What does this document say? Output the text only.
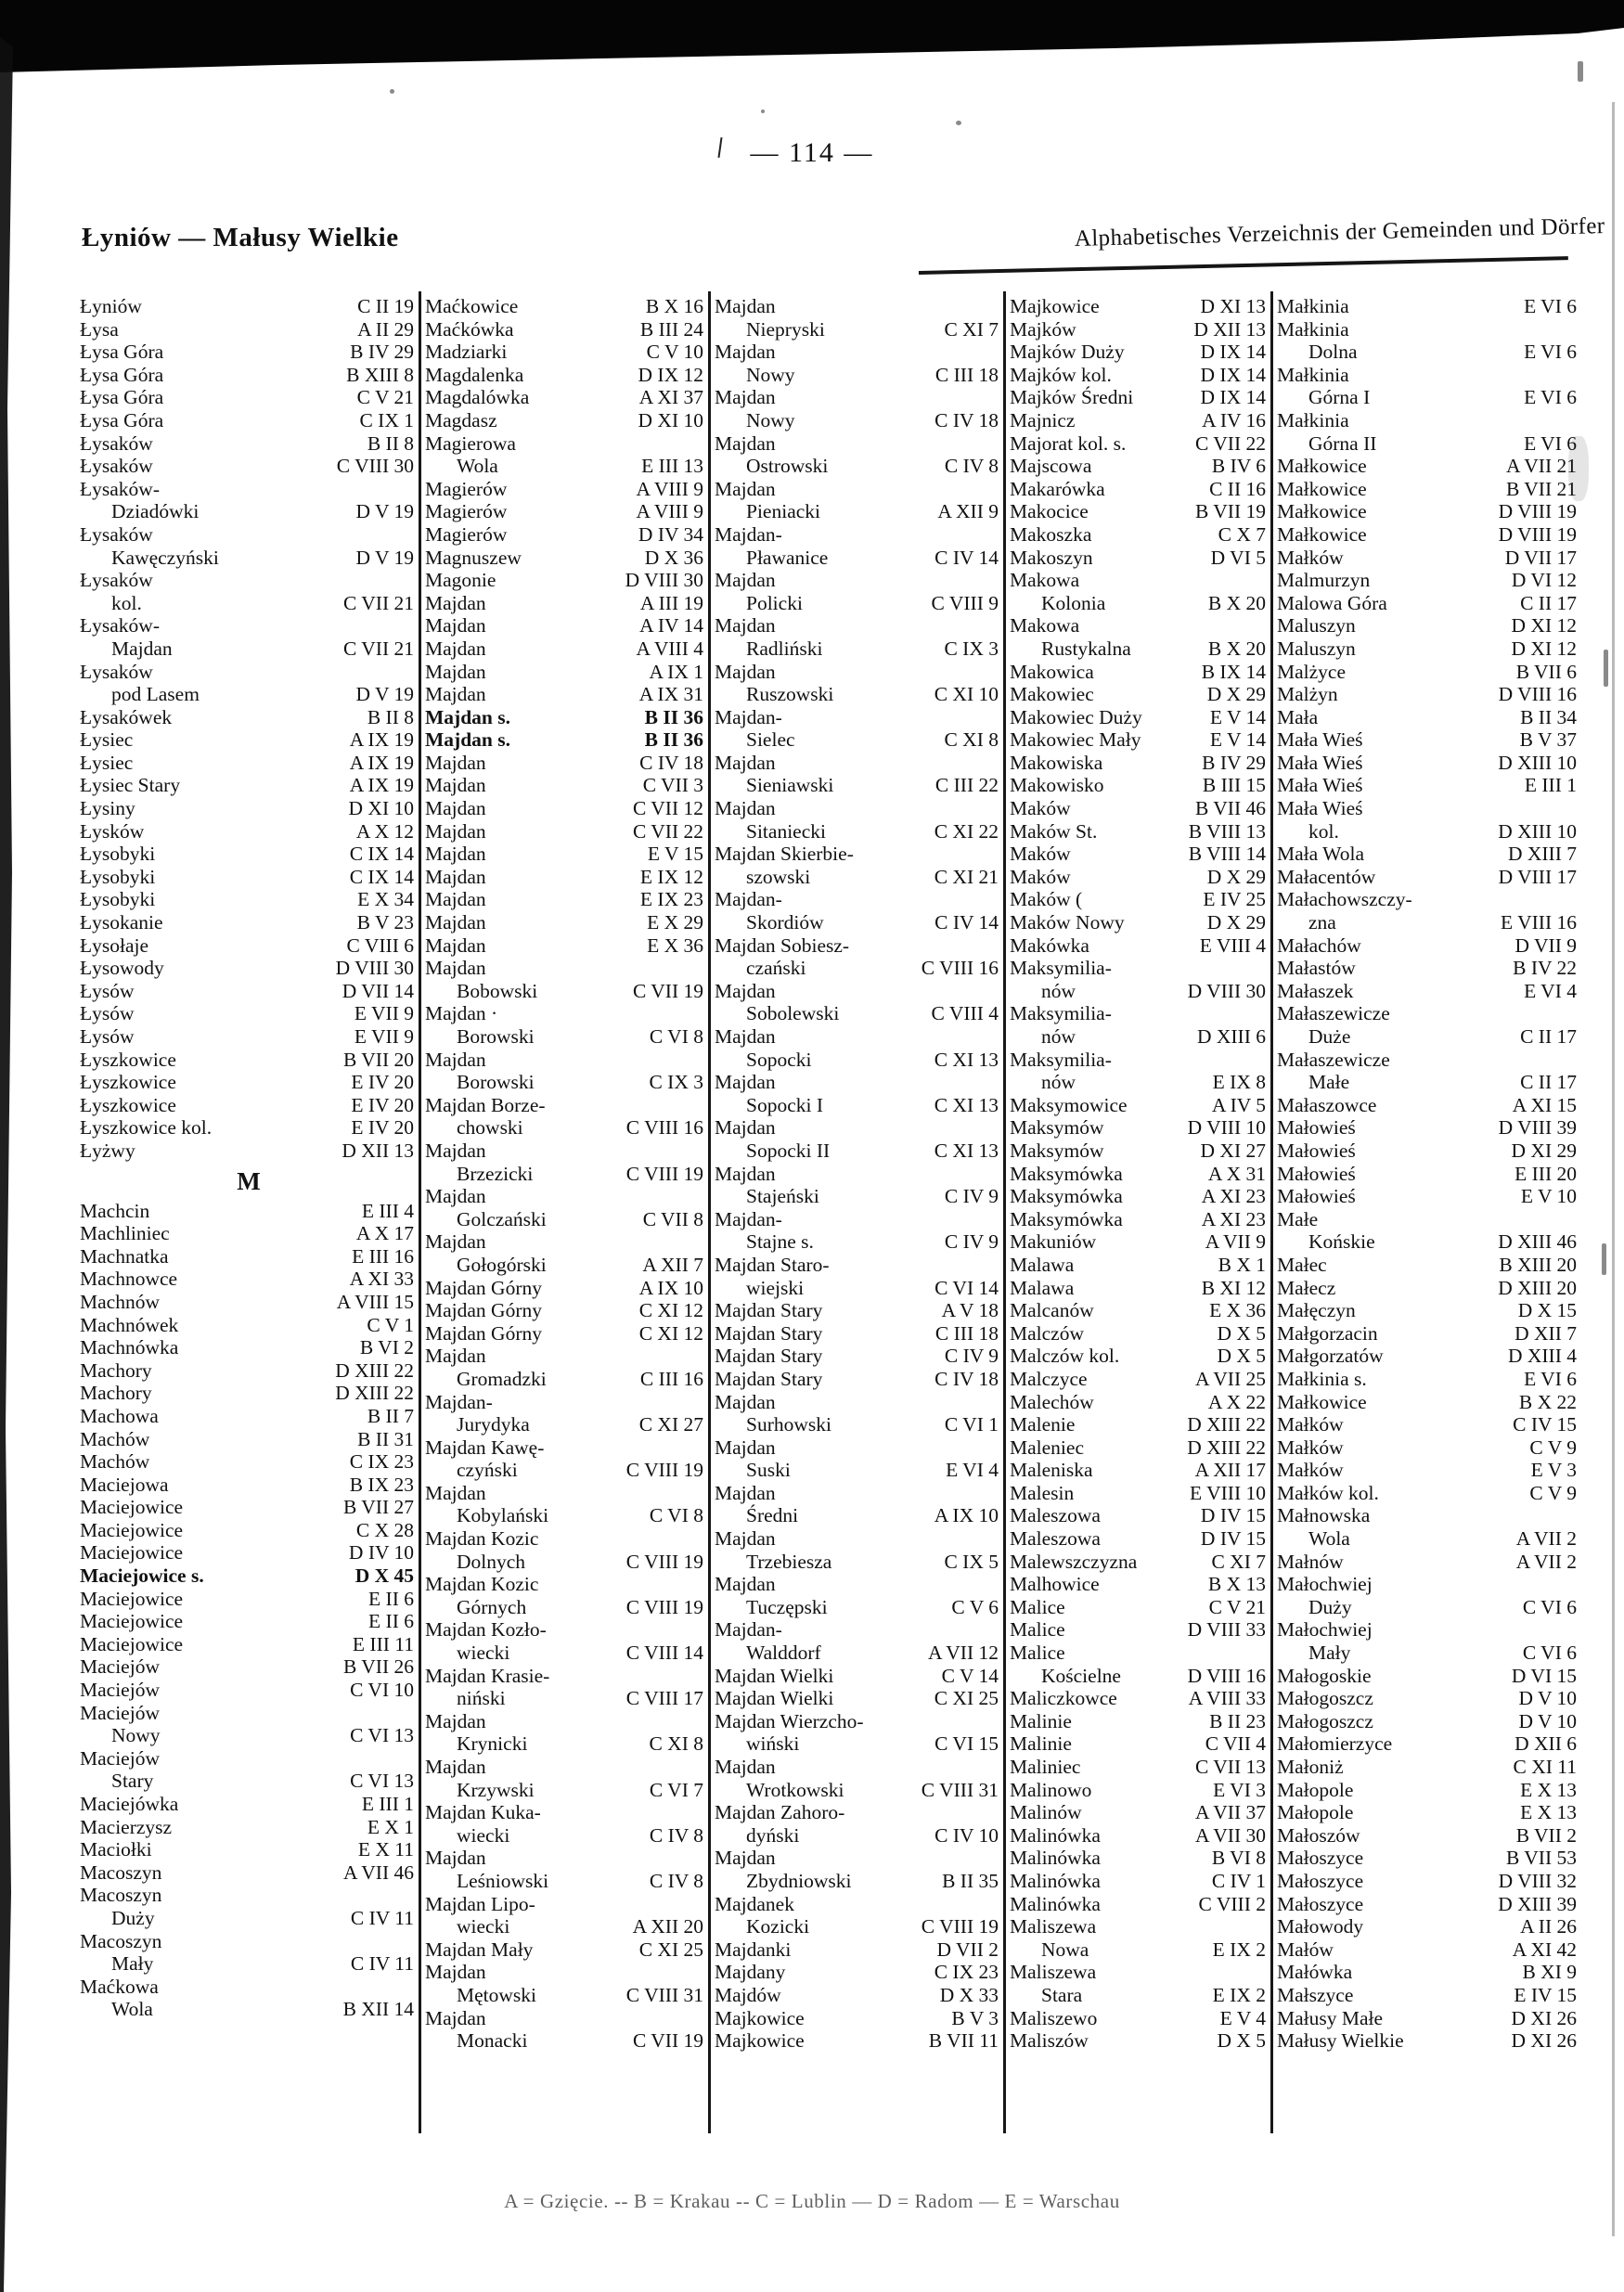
— 114 —
Łyniów — Małusy Wielkie	Alphabetisches Verzeichnis der Gemeinden und Dörfer
Łyniów	C II 19
Łysa	A II 29
Łysa Góra	B IV 29
Łysa Góra	B XIII 8
Łysa Góra	C V 21
Łysa Góra	C IX 1
Łysaków	B II 8
Łysaków	C VIII 30
Łysaków-
Dziadówki	D V 19
Łysaków
Kawęczyński	D V 19
Łysaków
kol.	C VII 21
Łysaków-
Majdan	C VII 21
Łysaków
pod Lasem	D V 19
Łysakówek	B II 8
Łysiec	A IX 19
Łysiec	A IX 19
Łysiec Stary	A IX 19
Łysiny	D XI 10
Łysków	A X 12
Łysobyki	C IX 14
Łysobyki	C IX 14
Łysobyki	E X 34
Łysokanie	B V 23
Łysołaje	C VIII 6
Łysowody	D VIII 30
Łysów	D VII 14
Łysów	E VII 9
Łysów	E VII 9
Łyszkowice	B VII 20
Łyszkowice	E IV 20
Łyszkowice	E IV 20
Łyszkowice kol.	E IV 20
Łyżwy	D XII 13
M
Machcin	E III 4
Machliniec	A X 17
Machnatka	E III 16
Machnowce	A XI 33
Machnów	A VIII 15
Machnówek	C V 1
Machnówka	B VI 2
Machory	D XIII 22
Machory	D XIII 22
Machowa	B II 7
Machów	B II 31
Machów	C IX 23
Maciejowa	B IX 23
Maciejowice	B VII 27
Maciejowice	C X 28
Maciejowice	D IV 10
Maciejowice s.	D X 45
Maciejowice	E II 6
Maciejowice	E II 6
Maciejowice	E III 11
Maciejów	B VII 26
Maciejów	C VI 10
Maciejów
Nowy	C VI 13
Maciejów
Stary	C VI 13
Maciejówka	E III 1
Macierzysz	E X 1
Maciołki	E X 11
Macoszyn	A VII 46
Macoszyn
Duży	C IV 11
Macoszyn
Mały	C IV 11
Maćkowa
Wola	B XII 14
Maćkowice	B X 16
Maćkówka	B III 24
Madziarki	C V 10
Magdalenka	D IX 12
Magdalówka	A XI 37
Magdasz	D XI 10
Magierowa
Wola	E III 13
Magierów	A VIII 9
Magierów	A VIII 9
Magierów	D IV 34
Magnuszew	D X 36
Magonie	D VIII 30
Majdan	A III 19
Majdan	A IV 14
Majdan	A VIII 4
Majdan	A IX 1
Majdan	A IX 31
Majdan s.	B II 36
Majdan s.	B II 36
Majdan	C IV 18
Majdan	C VII 3
Majdan	C VII 12
Majdan	C VII 22
Majdan	E V 15
Majdan	E IX 12
Majdan	E IX 23
Majdan	E X 29
Majdan	E X 36
Majdan
Bobowski	C VII 19
Majdan ·
Borowski	C VI 8
Majdan
Borowski	C IX 3
Majdan Borze-
chowski	C VIII 16
Majdan
Brzezicki	C VIII 19
Majdan
Golczański	C VII 8
Majdan
Gołogórski	A XII 7
Majdan Górny	A IX 10
Majdan Górny	C XI 12
Majdan Górny	C XI 12
Majdan
Gromadzki	C III 16
Majdan-
Jurydyka	C XI 27
Majdan Kawę-
czyński	C VIII 19
Majdan
Kobylański	C VI 8
Majdan Kozic
Dolnych	C VIII 19
Majdan Kozic
Górnych	C VIII 19
Majdan Kozło-
wiecki	C VIII 14
Majdan Krasie-
niński	C VIII 17
Majdan
Krynicki	C XI 8
Majdan
Krzywski	C VI 7
Majdan Kuka-
wiecki	C IV 8
Majdan
Leśniowski	C IV 8
Majdan Lipo-
wiecki	A XII 20
Majdan Mały	C XI 25
Majdan
Mętowski	C VIII 31
Majdan
Monacki	C VII 19
Majdan
Niepryski	C XI 7
Majdan
Nowy	C III 18
Majdan
Nowy	C IV 18
Majdan
Ostrowski	C IV 8
Majdan
Pieniacki	A XII 9
Majdan-
Pławanice	C IV 14
Majdan
Policki	C VIII 9
Majdan
Radliński	C IX 3
Majdan
Ruszowski	C XI 10
Majdan-
Sielec	C XI 8
Majdan
Sieniawski	C III 22
Majdan
Sitaniecki	C XI 22
Majdan Skierbie-
szowski	C XI 21
Majdan-
Skordiów	C IV 14
Majdan Sobiesz-
czański	C VIII 16
Majdan
Sobolewski	C VIII 4
Majdan
Sopocki	C XI 13
Majdan
Sopocki I	C XI 13
Majdan
Sopocki II	C XI 13
Majdan
Stajeński	C IV 9
Majdan-
Stajne s.	C IV 9
Majdan Staro-
wiejski	C VI 14
Majdan Stary	A V 18
Majdan Stary	C III 18
Majdan Stary	C IV 9
Majdan Stary	C IV 18
Majdan
Surhowski	C VI 1
Majdan
Suski	E VI 4
Majdan
Średni	A IX 10
Majdan
Trzebiesza	C IX 5
Majdan
Tuczępski	C V 6
Majdan-
Walddorf	A VII 12
Majdan Wielki	C V 14
Majdan Wielki	C XI 25
Majdan Wierzcho-
wiński	C VI 15
Majdan
Wrotkowski	C VIII 31
Majdan Zahoro-
dyński	C IV 10
Majdan
Zbydniowski	B II 35
Majdanek
Kozicki	C VIII 19
Majdanki	D VII 2
Majdany	C IX 23
Majdów	D X 33
Majkowice	B V 3
Majkowice	B VII 11
Majkowice	D XI 13
Majków	D XII 13
Majków Duży	D IX 14
Majków kol.	D IX 14
Majków Średni	D IX 14
Majnicz	A IV 16
Majorat kol. s.	C VII 22
Majscowa	B IV 6
Makarówka	C II 16
Makocice	B VII 19
Makoszka	C X 7
Makoszyn	D VI 5
Makowa
Kolonia	B X 20
Makowa
Rustykalna	B X 20
Makowica	B IX 14
Makowiec	D X 29
Makowiec Duży	E V 14
Makowiec Mały	E V 14
Makowiska	B IV 29
Makowisko	B III 15
Maków	B VII 46
Maków St.	B VIII 13
Maków	B VIII 14
Maków	D X 29
Maków (	E IV 25
Maków Nowy	D X 29
Makówka	E VIII 4
Maksymilia-
nów	D VIII 30
Maksymilia-
nów	D XIII 6
Maksymilia-
nów	E IX 8
Maksymowice	A IV 5
Maksymów	D VIII 10
Maksymów	D XI 27
Maksymówka	A X 31
Maksymówka	A XI 23
Maksymówka	A XI 23
Makuniów	A VII 9
Malawa	B X 1
Malawa	B XI 12
Malcanów	E X 36
Malczów	D X 5
Malczów kol.	D X 5
Malczyce	A VII 25
Malechów	A X 22
Malenie	D XIII 22
Maleniec	D XIII 22
Maleniska	A XII 17
Malesin	E VIII 10
Maleszowa	D IV 15
Maleszowa	D IV 15
Malewszczyzna	C XI 7
Malhowice	B X 13
Malice	C V 21
Malice	D VIII 33
Malice
Kościelne	D VIII 16
Maliczkowce	A VIII 33
Malinie	B II 23
Malinie	C VII 4
Maliniec	C VII 13
Malinowo	E VI 3
Malinów	A VII 37
Malinówka	A VII 30
Malinówka	B VI 8
Malinówka	C IV 1
Malinówka	C VIII 2
Maliszewa
Nowa	E IX 2
Maliszewa
Stara	E IX 2
Maliszewo	E V 4
Maliszów	D X 5
Małkinia	E VI 6
Małkinia
Dolna	E VI 6
Małkinia
Górna I	E VI 6
Małkinia
Górna II	E VI 6
Małkowice	A VII 21
Małkowice	B VII 21
Małkowice	D VIII 19
Małkowice	D VIII 19
Małków	D VII 17
Malmurzyn	D VI 12
Malowa Góra	C II 17
Maluszyn	D XI 12
Maluszyn	D XI 12
Malżyce	B VII 6
Malżyn	D VIII 16
Mała	B II 34
Mała Wieś	B V 37
Mała Wieś	D XIII 10
Mała Wieś	E III 1
Mała Wieś
kol.	D XIII 10
Mała Wola	D XIII 7
Małacentów	D VIII 17
Małachowszczy-
zna	E VIII 16
Małachów	D VII 9
Małastów	B IV 22
Małaszek	E VI 4
Małaszewicze
Duże	C II 17
Małaszewicze
Małe	C II 17
Małaszowce	A XI 15
Małowieś	D VIII 39
Małowieś	D XI 29
Małowieś	E III 20
Małowieś	E V 10
Małe
Końskie	D XIII 46
Małec	B XIII 20
Małecz	D XIII 20
Małęczyn	D X 15
Małgorzacin	D XII 7
Małgorzatów	D XIII 4
Małkinia s.	E VI 6
Małkowice	B X 22
Małków	C IV 15
Małków	C V 9
Małków	E V 3
Małków kol.	C V 9
Małnowska
Wola	A VII 2
Małnów	A VII 2
Małochwiej
Duży	C VI 6
Małochwiej
Mały	C VI 6
Małogoskie	D VI 15
Małogoszcz	D V 10
Małogoszcz	D V 10
Małomierzyce	D XII 6
Małoniż	C XI 11
Małopole	E X 13
Małopole	E X 13
Małoszów	B VII 2
Małoszyce	B VII 53
Małoszyce	D VIII 32
Małoszyce	D XIII 39
Małowody	A II 26
Małów	A XI 42
Małówka	B XI 9
Małszyce	E IV 15
Małusy Małe	D XI 26
Małusy Wielkie	D XI 26
A = Gzięcie. -- B = Krakau -- C = Lublin — D = Radom — E = Warschau
